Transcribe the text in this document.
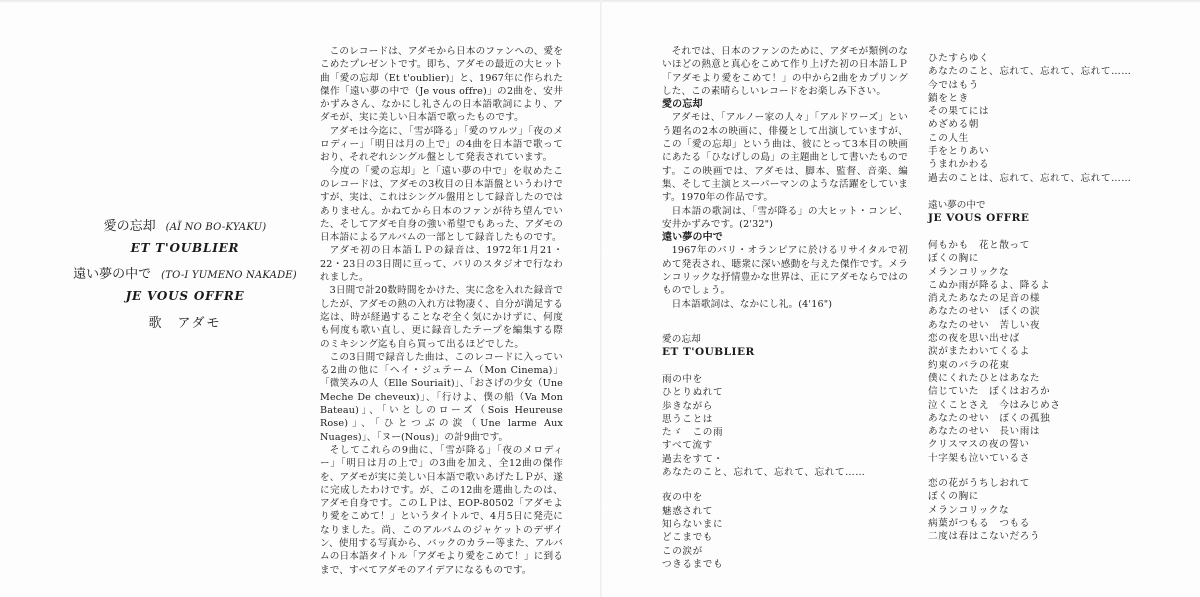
愛の忘却 (AÏ NO BO-KYAKU)

ET T'OUBLIER

遠い夢の中で (TO-I YUMENO NAKADE)

JE VOUS OFFRE

歌 アダモ

このレコードは、アダモから日本のファンへの、愛をこめたプレゼントです。即ち、アダモの最近の大ヒット曲「愛の忘却（Et t'oublier)」と、1967年に作られた傑作「遠い夢の中で（Je vous offre)」の2曲を、安井かずみさん、なかにし礼さんの日本語歌詞により、アダモが、実に美しい日本語で歌ったものです。

アダモは今迄に、「雪が降る」「愛のワルツ」「夜のメロディー」「明日は月の上で」の4曲を日本語で歌っており、それぞれシングル盤として発表されています。

今度の「愛の忘却」と「遠い夢の中で」を収めたこのレコードは、アダモの3枚目の日本語盤というわけですが、実は、これはシングル盤用として録音したのではありません。かねてから日本のファンが待ち望んでいた、そしてアダモ自身の強い希望でもあった、アダモの日本語によるアルバムの一部として録音したものです。

アダモ初の日本語ＬＰの録音は、1972年1月21・22・23日の3日間に亘って、パリのスタジオで行なわれました。

3日間で計20数時間をかけた、実に念を入れた録音でしたが、アダモの熱の入れ方は物凄く、自分が満足する迄は、時が経過することなぞ全く気にかけずに、何度も何度も歌い直し、更に録音したテープを編集する際のミキシング迄も自ら買って出るほどでした。

この3日間で録音した曲は、このレコードに入っている2曲の他に「ヘイ・ジュテーム（Mon Cinema)」「微笑みの人（Elle Souriait)」、「おさげの少女（Une Meche De cheveux)」、「行けよ、僕の船（Va Mon Bateau)」、「いとしのローズ（Sois Heureuse Rose)」、「ひとつぶの涙（Une larme Aux Nuages)」、「ヌー(Nous)」の計9曲です。

そしてこれらの9曲に、「雪が降る」「夜のメロディー」「明日は月の上で」の3曲を加え、全12曲の傑作を、アダモが実に美しい日本語で歌いあげたＬＰが、遂に完成したわけです。が、この12曲を選曲したのは、アダモ自身です。このＬＰは、EOP-80502「アダモより愛をこめて！」というタイトルで、4月5日に発売になりました。尚、このアルバムのジャケットのデザイン、使用する写真から、バックのカラー等また、アルバムの日本語タイトル「アダモより愛をこめて！」に到るまで、すべてアダモのアイデアになるものです。

それでは、日本のファンのために、アダモが類例のないほどの熱意と真心をこめて作り上げた初の日本語ＬＰ「アダモより愛をこめて！」の中から2曲をカプリングした、この素晴らしいレコードをお楽しみ下さい。

愛の忘却

アダモは、「アルノー家の人々」「アルドワーズ」という題名の2本の映画に、俳優として出演していますが、この「愛の忘却」という曲は、彼にとって3本目の映画にあたる「ひなげしの島」の主題曲として書いたものです。この映画では、アダモは、脚本、監督、音楽、編集、そして主演とスーパーマンのような活躍をしています。1970年の作品です。

日本語の歌詞は、「雪が降る」の大ヒット・コンビ、安井かずみです。(2'32")

遠い夢の中で

1967年のパリ・オランピアに於けるリサイタルで初めて発表され、聴衆に深い感動を与えた傑作です。メランコリックな抒情豊かな世界は、正にアダモならではのものでしょう。

日本語歌詞は、なかにし礼。(4'16")

愛の忘却
ET T'OUBLIER
雨の中を
ひとりぬれて
歩きながら
思うことは
たゞ　この雨
すべて流す
過去をすて・
あなたのこと、忘れて、忘れて、忘れて……
夜の中を
魅惑されて
知らないまに
どこまでも
この涙が
つきるまでも
ひたすらゆく
あなたのこと、忘れて、忘れて、忘れて……
今ではもう
鎖をとき
その果てには
めざめる朝
この人生
手をとりあい
うまれかわる
過去のことは、忘れて、忘れて、忘れて……
遠い夢の中で
JE VOUS OFFRE
何もかも　花と散って
ぼくの胸に
メランコリックな
こぬか雨が降るよ、降るよ
消えたあなたの足音の様
あなたのせい　ぼくの涙
あなたのせい　苦しい夜
恋の夜を思い出せば
涙がまたわいてくるよ
約束のバラの花束
僕にくれたひとはあなた
信じていた　ぼくはおろか
泣くことさえ　今はみじめさ
あなたのせい　ぼくの孤独
あなたのせい　長い雨は
クリスマスの夜の誓い
十字架も泣いているさ
恋の花がうちしおれて
ぼくの胸に
メランコリックな
病葉がつもる　つもる
二度は春はこないだろう
